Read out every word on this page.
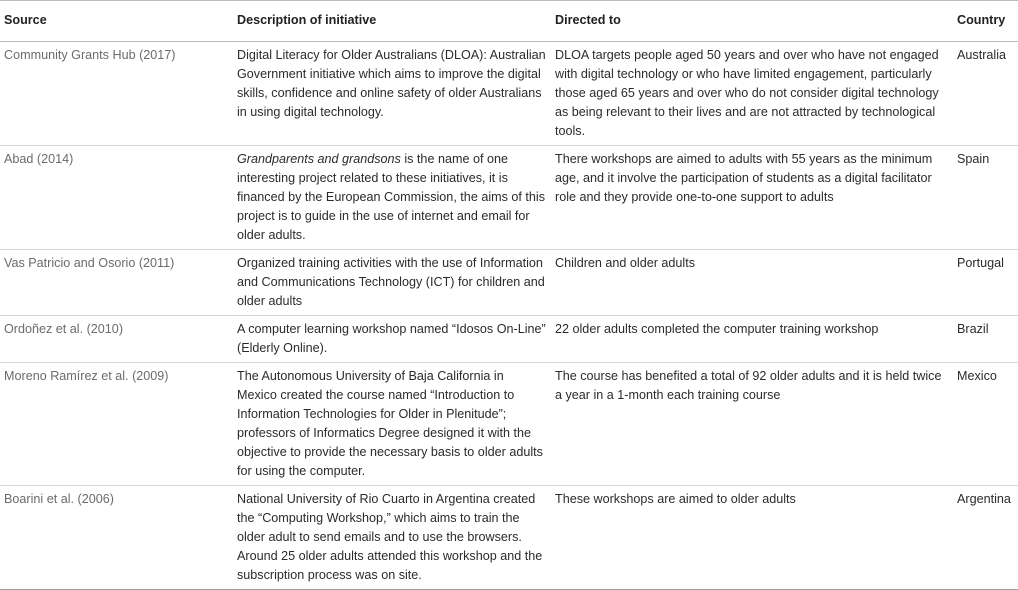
Source	Description of initiative	Directed to	Country
Community Grants Hub (2017)	Digital Literacy for Older Australians (DLOA): Australian Government initiative which aims to improve the digital skills, confidence and online safety of older Australians in using digital technology.	DLOA targets people aged 50 years and over who have not engaged with digital technology or who have limited engagement, particularly those aged 65 years and over who do not consider digital technology as being relevant to their lives and are not attracted by technological tools.	Australia
Abad (2014)	Grandparents and grandsons is the name of one interesting project related to these initiatives, it is financed by the European Commission, the aims of this project is to guide in the use of internet and email for older adults.	There workshops are aimed to adults with 55 years as the minimum age, and it involve the participation of students as a digital facilitator role and they provide one-to-one support to adults	Spain
Vas Patricio and Osorio (2011)	Organized training activities with the use of Information and Communications Technology (ICT) for children and older adults	Children and older adults	Portugal
Ordoñez et al. (2010)	A computer learning workshop named “Idosos On-Line” (Elderly Online).	22 older adults completed the computer training workshop	Brazil
Moreno Ramírez et al. (2009)	The Autonomous University of Baja California in Mexico created the course named “Introduction to Information Technologies for Older in Plenitude”; professors of Informatics Degree designed it with the objective to provide the necessary basis to older adults for using the computer.	The course has benefited a total of 92 older adults and it is held twice a year in a 1-month each training course	Mexico
Boarini et al. (2006)	National University of Rio Cuarto in Argentina created the “Computing Workshop,” which aims to train the older adult to send emails and to use the browsers. Around 25 older adults attended this workshop and the subscription process was on site.	These workshops are aimed to older adults	Argentina
